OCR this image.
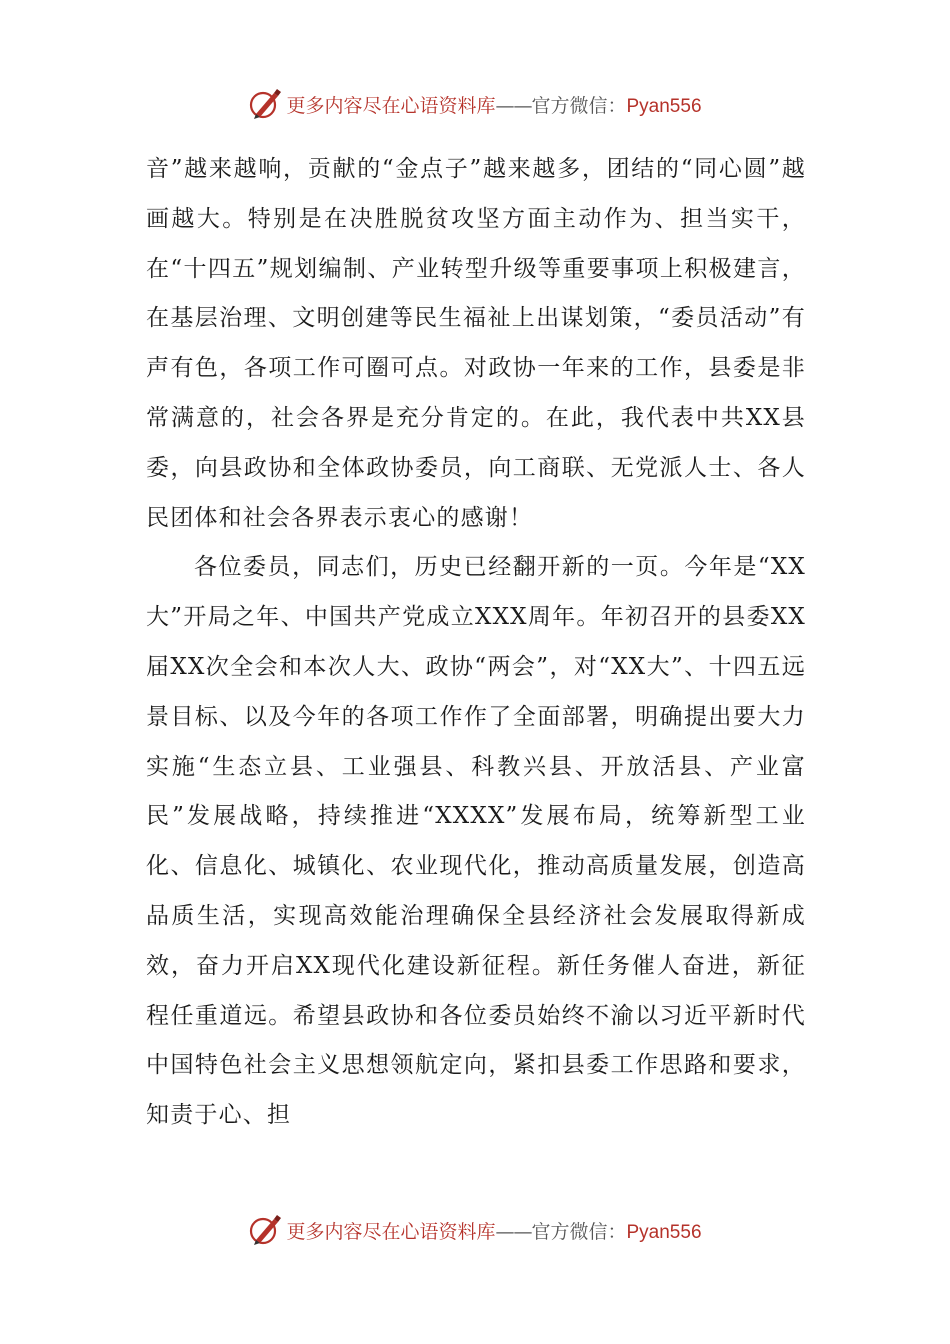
更多内容尽在心语资料库 —— 官方微信： Pyan556

音”越来越响，贡献的“金点子”越来越多，团结的“同心圆”越画越大。特别是在决胜脱贫攻坚方面主动作为、担当实干，在“十四五”规划编制、产业转型升级等重要事项上积极建言，在基层治理、文明创建等民生福祉上出谋划策，“委员活动”有声有色，各项工作可圈可点。对政协一年来的工作，县委是非常满意的，社会各界是充分肯定的。在此，我代表中共XX县委，向县政协和全体政协委员，向工商联、无党派人士、各人民团体和社会各界表示衷心的感谢！

各位委员，同志们，历史已经翻开新的一页。今年是“XX大”开局之年、中国共产党成立XXX周年。年初召开的县委XX届XX次全会和本次人大、政协“两会”，对“XX大”、十四五远景目标、以及今年的各项工作作了全面部署，明确提出要大力实施“生态立县、工业强县、科教兴县、开放活县、产业富民”发展战略，持续推进“XXXX”发展布局，统筹新型工业化、信息化、城镇化、农业现代化，推动高质量发展，创造高品质生活，实现高效能治理确保全县经济社会发展取得新成效，奋力开启XX现代化建设新征程。新任务催人奋进，新征程任重道远。希望县政协和各位委员始终不渝以习近平新时代中国特色社会主义思想领航定向，紧扣县委工作思路和要求，知责于心、担

更多内容尽在心语资料库 —— 官方微信： Pyan556
